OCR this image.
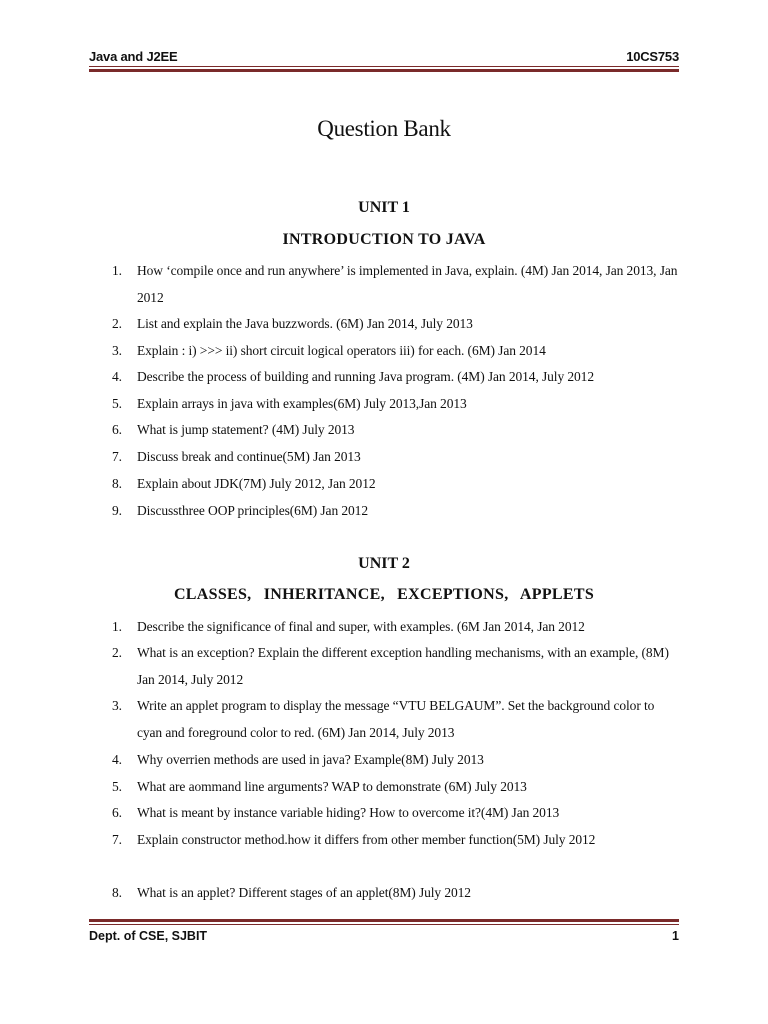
Java and J2EE	10CS753
Question Bank
UNIT 1
INTRODUCTION TO JAVA
1.	How ‘compile once and run anywhere’ is implemented in Java, explain. (4M) Jan 2014, Jan 2013, Jan 2012
2.	List and explain the Java buzzwords. (6M) Jan 2014, July 2013
3.	Explain : i) >>> ii) short circuit logical operators iii) for each. (6M) Jan 2014
4.	Describe the process of building and running Java program. (4M) Jan 2014, July 2012
5.	Explain arrays in java with examples(6M) July 2013,Jan 2013
6.	What is jump statement? (4M) July 2013
7.	Discuss break and continue(5M) Jan 2013
8.	Explain about JDK(7M) July 2012, Jan 2012
9.	Discussthree OOP principles(6M) Jan 2012
UNIT 2
CLASSES, INHERITANCE, EXCEPTIONS, APPLETS
1.	Describe the significance of final and super, with examples. (6M Jan 2014, Jan 2012
2.	What is an exception? Explain the different exception handling mechanisms, with an example, (8M) Jan 2014, July 2012
3.	Write an applet program to display the message “VTU BELGAUM”. Set the background color to cyan and foreground color to red. (6M) Jan 2014, July 2013
4.	Why overrien methods are used in java? Example(8M) July 2013
5.	What are aommand line arguments? WAP to demonstrate (6M) July 2013
6.	What is meant by instance variable hiding? How to overcome it?(4M) Jan 2013
7.	Explain constructor method.how it differs from other member function(5M) July 2012
8.	What is an applet? Different stages of an applet(8M) July 2012
Dept. of CSE, SJBIT	1
